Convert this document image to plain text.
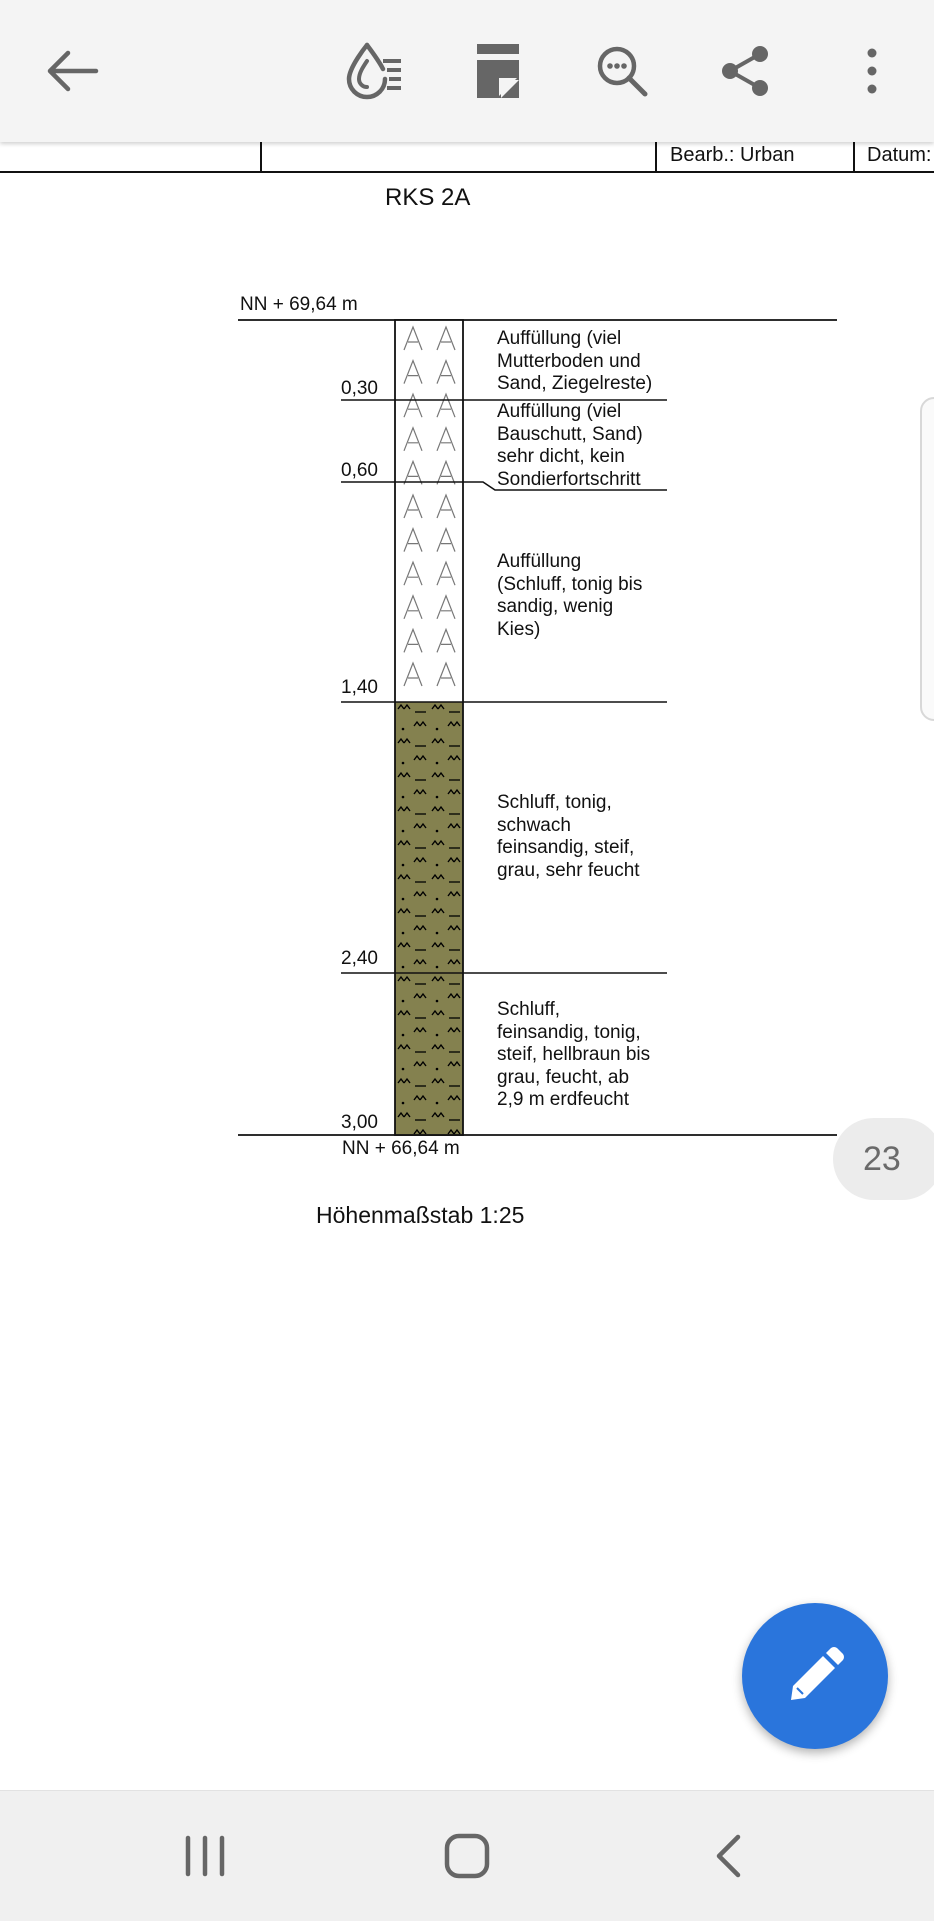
Bearb.: Urban	Datum:
RKS 2A
NN + 69,64 m
NN + 66,64 m
0,30
0,60
1,40
2,40
3,00
Auffüllung (viel
Mutterboden und
Sand, Ziegelreste)
Auffüllung (viel
Bauschutt, Sand)
sehr dicht, kein
Sondierfortschritt
Auffüllung
(Schluff, tonig bis
sandig, wenig
Kies)
Schluff, tonig,
schwach
feinsandig, steif,
grau, sehr feucht
Schluff,
feinsandig, tonig,
steif, hellbraun bis
grau, feucht, ab
2,9 m erdfeucht
Höhenmaßstab 1:25
23
